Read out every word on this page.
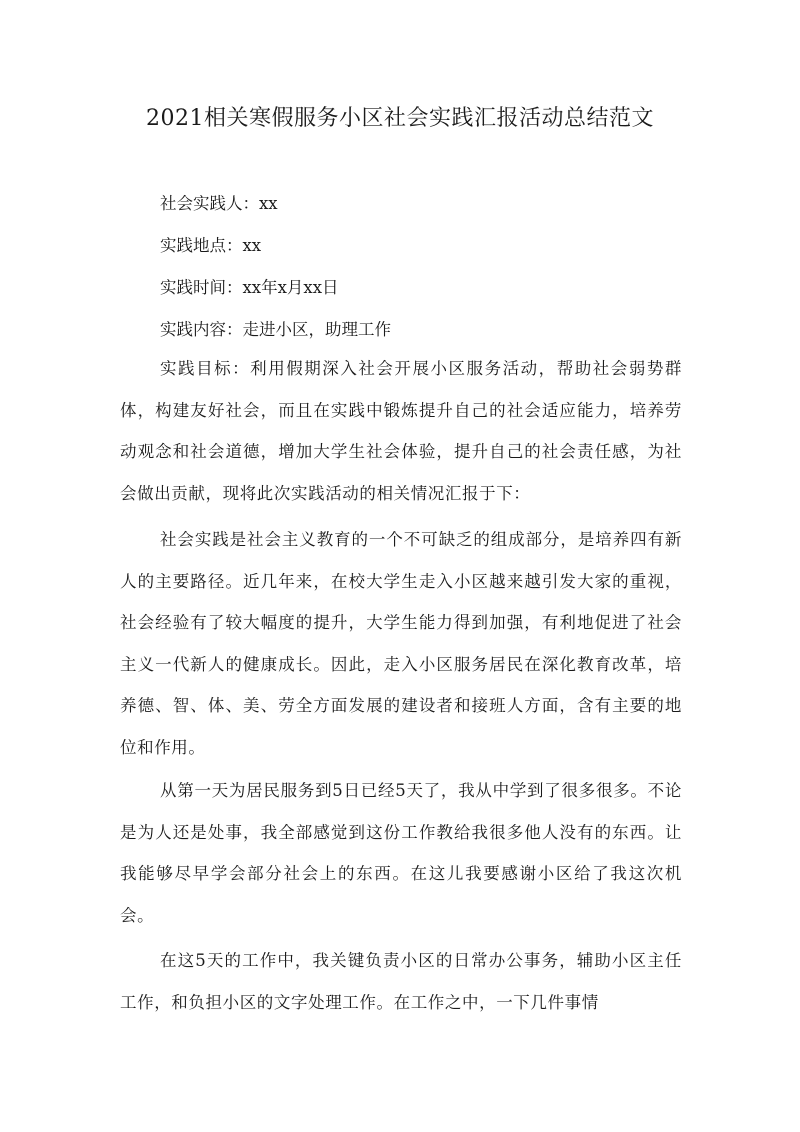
2021相关寒假服务小区社会实践汇报活动总结范文

社会实践人：xx

实践地点：xx

实践时间：xx年x月xx日

实践内容：走进小区，助理工作

实践目标：利用假期深入社会开展小区服务活动，帮助社会弱势群体，构建友好社会，而且在实践中锻炼提升自己的社会适应能力，培养劳动观念和社会道德，增加大学生社会体验，提升自己的社会责任感，为社会做出贡献，现将此次实践活动的相关情况汇报于下：

社会实践是社会主义教育的一个不可缺乏的组成部分，是培养四有新人的主要路径。近几年来，在校大学生走入小区越来越引发大家的重视，社会经验有了较大幅度的提升，大学生能力得到加强，有利地促进了社会主义一代新人的健康成长。因此，走入小区服务居民在深化教育改革，培养德、智、体、美、劳全方面发展的建设者和接班人方面，含有主要的地位和作用。

从第一天为居民服务到5日已经5天了，我从中学到了很多很多。不论是为人还是处事，我全部感觉到这份工作教给我很多他人没有的东西。让我能够尽早学会部分社会上的东西。在这儿我要感谢小区给了我这次机会。

在这5天的工作中，我关键负责小区的日常办公事务，辅助小区主任工作，和负担小区的文字处理工作。在工作之中，一下几件事情
